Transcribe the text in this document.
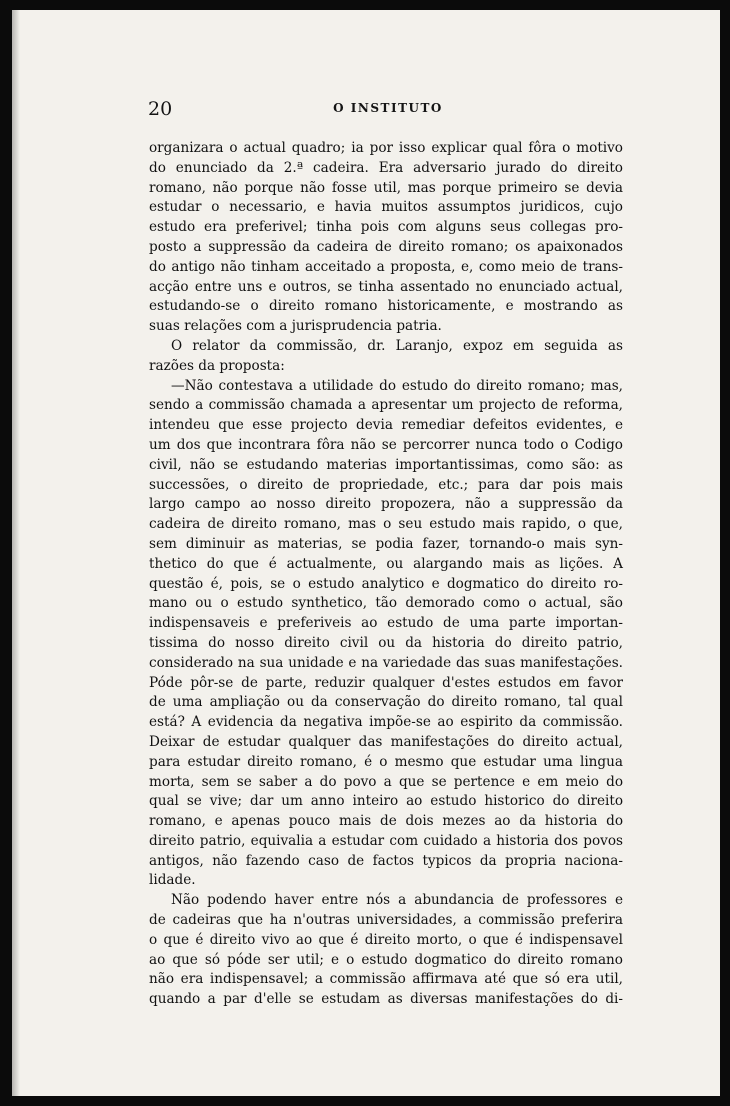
20	O INSTITUTO
organizara o actual quadro; ia por isso explicar qual fôra o motivo
do enunciado da 2.ª cadeira. Era adversario jurado do direito
romano, não porque não fosse util, mas porque primeiro se devia
estudar o necessario, e havia muitos assumptos juridicos, cujo
estudo era preferivel; tinha pois com alguns seus collegas pro-
posto a suppressão da cadeira de direito romano; os apaixonados
do antigo não tinham acceitado a proposta, e, como meio de trans-
acção entre uns e outros, se tinha assentado no enunciado actual,
estudando-se o direito romano historicamente, e mostrando as
suas relações com a jurisprudencia patria.
O relator da commissão, dr. Laranjo, expoz em seguida as
razões da proposta:
—Não contestava a utilidade do estudo do direito romano; mas,
sendo a commissão chamada a apresentar um projecto de reforma,
intendeu que esse projecto devia remediar defeitos evidentes, e
um dos que incontrara fôra não se percorrer nunca todo o Codigo
civil, não se estudando materias importantissimas, como são: as
successões, o direito de propriedade, etc.; para dar pois mais
largo campo ao nosso direito propozera, não a suppressão da
cadeira de direito romano, mas o seu estudo mais rapido, o que,
sem diminuir as materias, se podia fazer, tornando-o mais syn-
thetico do que é actualmente, ou alargando mais as lições. A
questão é, pois, se o estudo analytico e dogmatico do direito ro-
mano ou o estudo synthetico, tão demorado como o actual, são
indispensaveis e preferiveis ao estudo de uma parte importan-
tissima do nosso direito civil ou da historia do direito patrio,
considerado na sua unidade e na variedade das suas manifestações.
Póde pôr-se de parte, reduzir qualquer d'estes estudos em favor
de uma ampliação ou da conservação do direito romano, tal qual
está? A evidencia da negativa impõe-se ao espirito da commissão.
Deixar de estudar qualquer das manifestações do direito actual,
para estudar direito romano, é o mesmo que estudar uma lingua
morta, sem se saber a do povo a que se pertence e em meio do
qual se vive; dar um anno inteiro ao estudo historico do direito
romano, e apenas pouco mais de dois mezes ao da historia do
direito patrio, equivalia a estudar com cuidado a historia dos povos
antigos, não fazendo caso de factos typicos da propria naciona-
lidade.
Não podendo haver entre nós a abundancia de professores e
de cadeiras que ha n'outras universidades, a commissão preferira
o que é direito vivo ao que é direito morto, o que é indispensavel
ao que só póde ser util; e o estudo dogmatico do direito romano
não era indispensavel; a commissão affirmava até que só era util,
quando a par d'elle se estudam as diversas manifestações do di-
